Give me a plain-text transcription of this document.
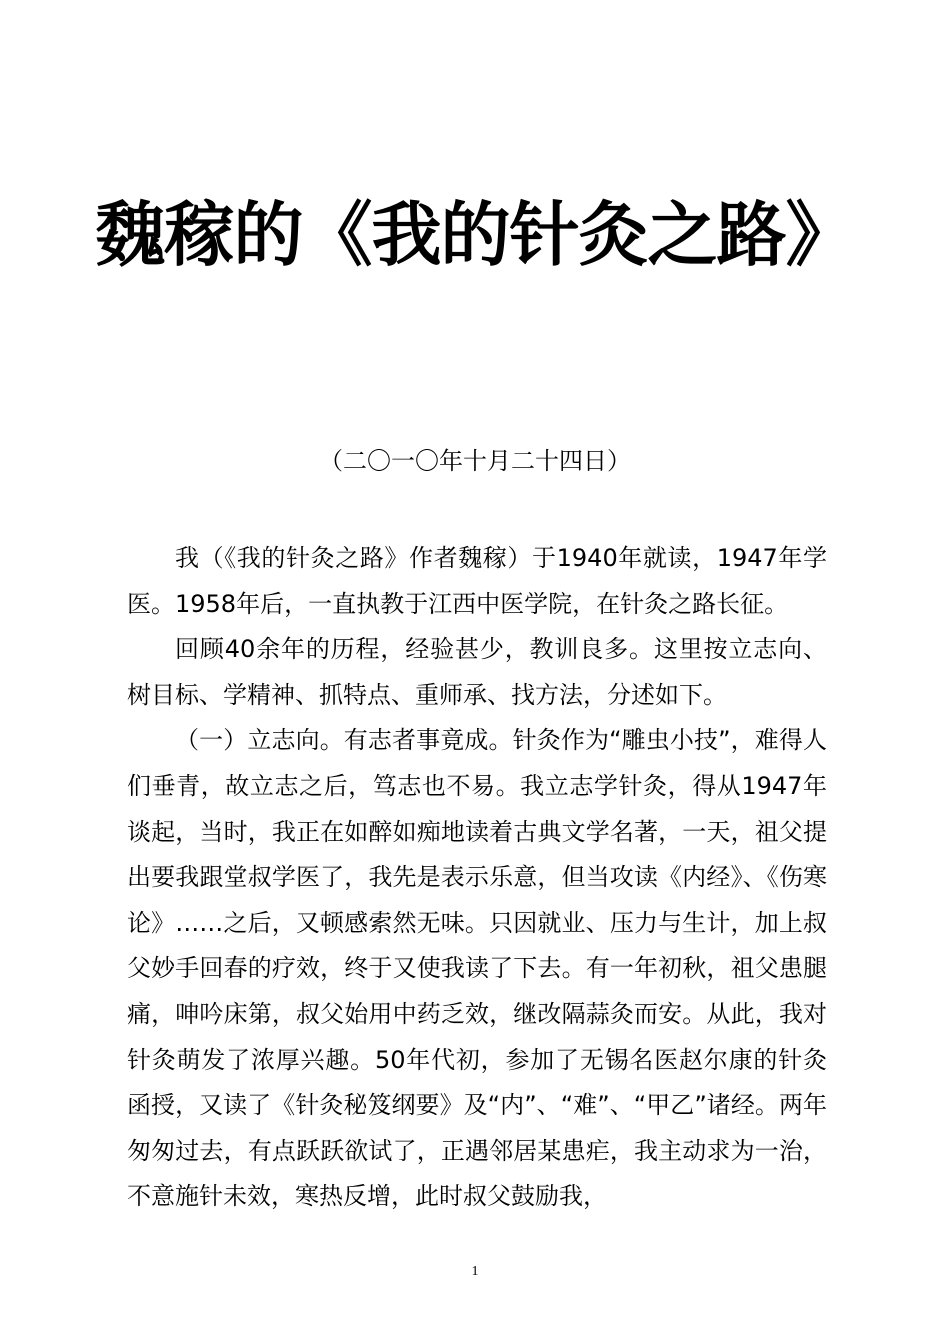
魏稼的《我的针灸之路》
（二〇一〇年十月二十四日）

我（《我的针灸之路》作者魏稼）于1940年就读，1947年学医。1958年后，一直执教于江西中医学院，在针灸之路长征。

回顾40余年的历程，经验甚少，教训良多。这里按立志向、树目标、学精神、抓特点、重师承、找方法，分述如下。

（一）立志向。有志者事竟成。针灸作为“雕虫小技”，难得人们垂青，故立志之后，笃志也不易。我立志学针灸，得从1947年谈起，当时，我正在如醉如痴地读着古典文学名著，一天，祖父提出要我跟堂叔学医了，我先是表示乐意，但当攻读《内经》、《伤寒论》……之后，又顿感索然无味。只因就业、压力与生计，加上叔父妙手回春的疗效，终于又使我读了下去。有一年初秋，祖父患腿痛，呻吟床第，叔父始用中药乏效，继改隔蒜灸而安。从此，我对针灸萌发了浓厚兴趣。50年代初，参加了无锡名医赵尔康的针灸函授，又读了《针灸秘笈纲要》及“内”、“难”、“甲乙”诸经。两年匆匆过去，有点跃跃欲试了，正遇邻居某患疟，我主动求为一治，不意施针未效，寒热反增，此时叔父鼓励我，

1
